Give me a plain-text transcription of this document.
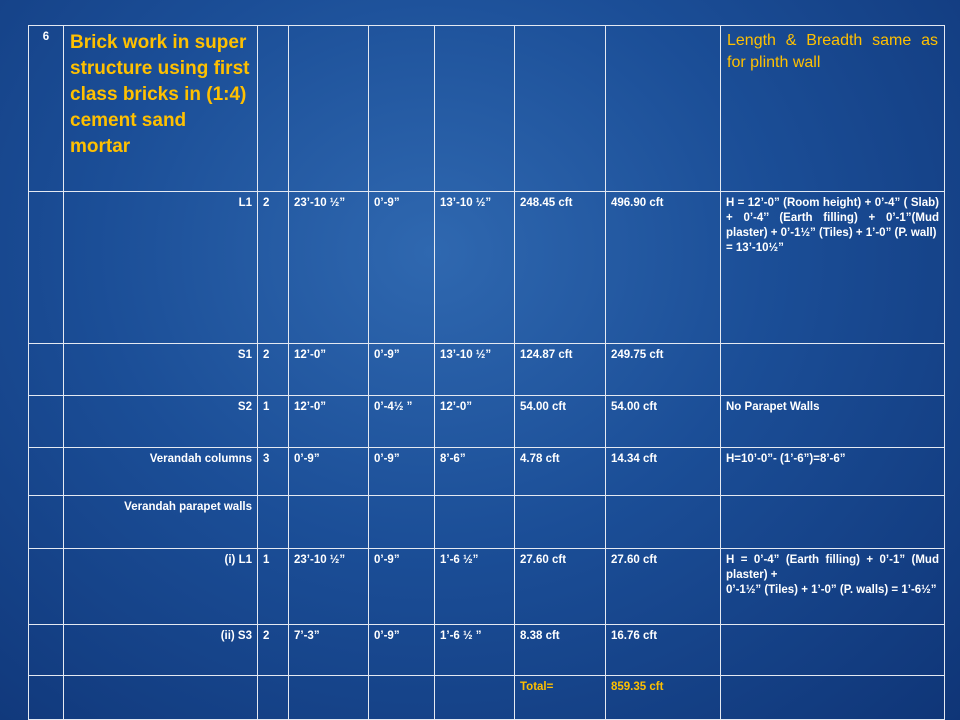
6	Brick work in super structure using first class bricks in (1:4) cement sand mortar							Length & Breadth same as for plinth wall
	L1	2	23’-10 ½”	0’-9”	13’-10 ½”	248.45 cft	496.90 cft	H = 12’-0” (Room height) + 0’-4” ( Slab) + 0’-4’’ (Earth filling) + 0’-1”(Mud plaster) + 0’-1½” (Tiles) + 1’-0” (P. wall)
= 13’-10½”
	S1	2	12’-0”	0’-9”	13’-10 ½”	124.87 cft	249.75 cft	
	S2	1	12’-0”	0’-4½ ”	12’-0”	54.00 cft	54.00 cft	No Parapet Walls
	Verandah columns	3	0’-9”	0’-9”	8’-6”	4.78 cft	14.34 cft	H=10’-0”- (1’-6”)=8’-6”
	Verandah parapet walls							
	(i) L1	1	23’-10 ½”	0’-9”	1’-6 ½”	27.60 cft	27.60 cft	H = 0’-4” (Earth filling) + 0’-1” (Mud plaster) +
0’-1½” (Tiles) + 1’-0” (P. walls) = 1’-6½”
	(ii) S3	2	7’-3”	0’-9”	1’-6 ½ ”	8.38 cft	16.76 cft	
						Total=	859.35 cft	
